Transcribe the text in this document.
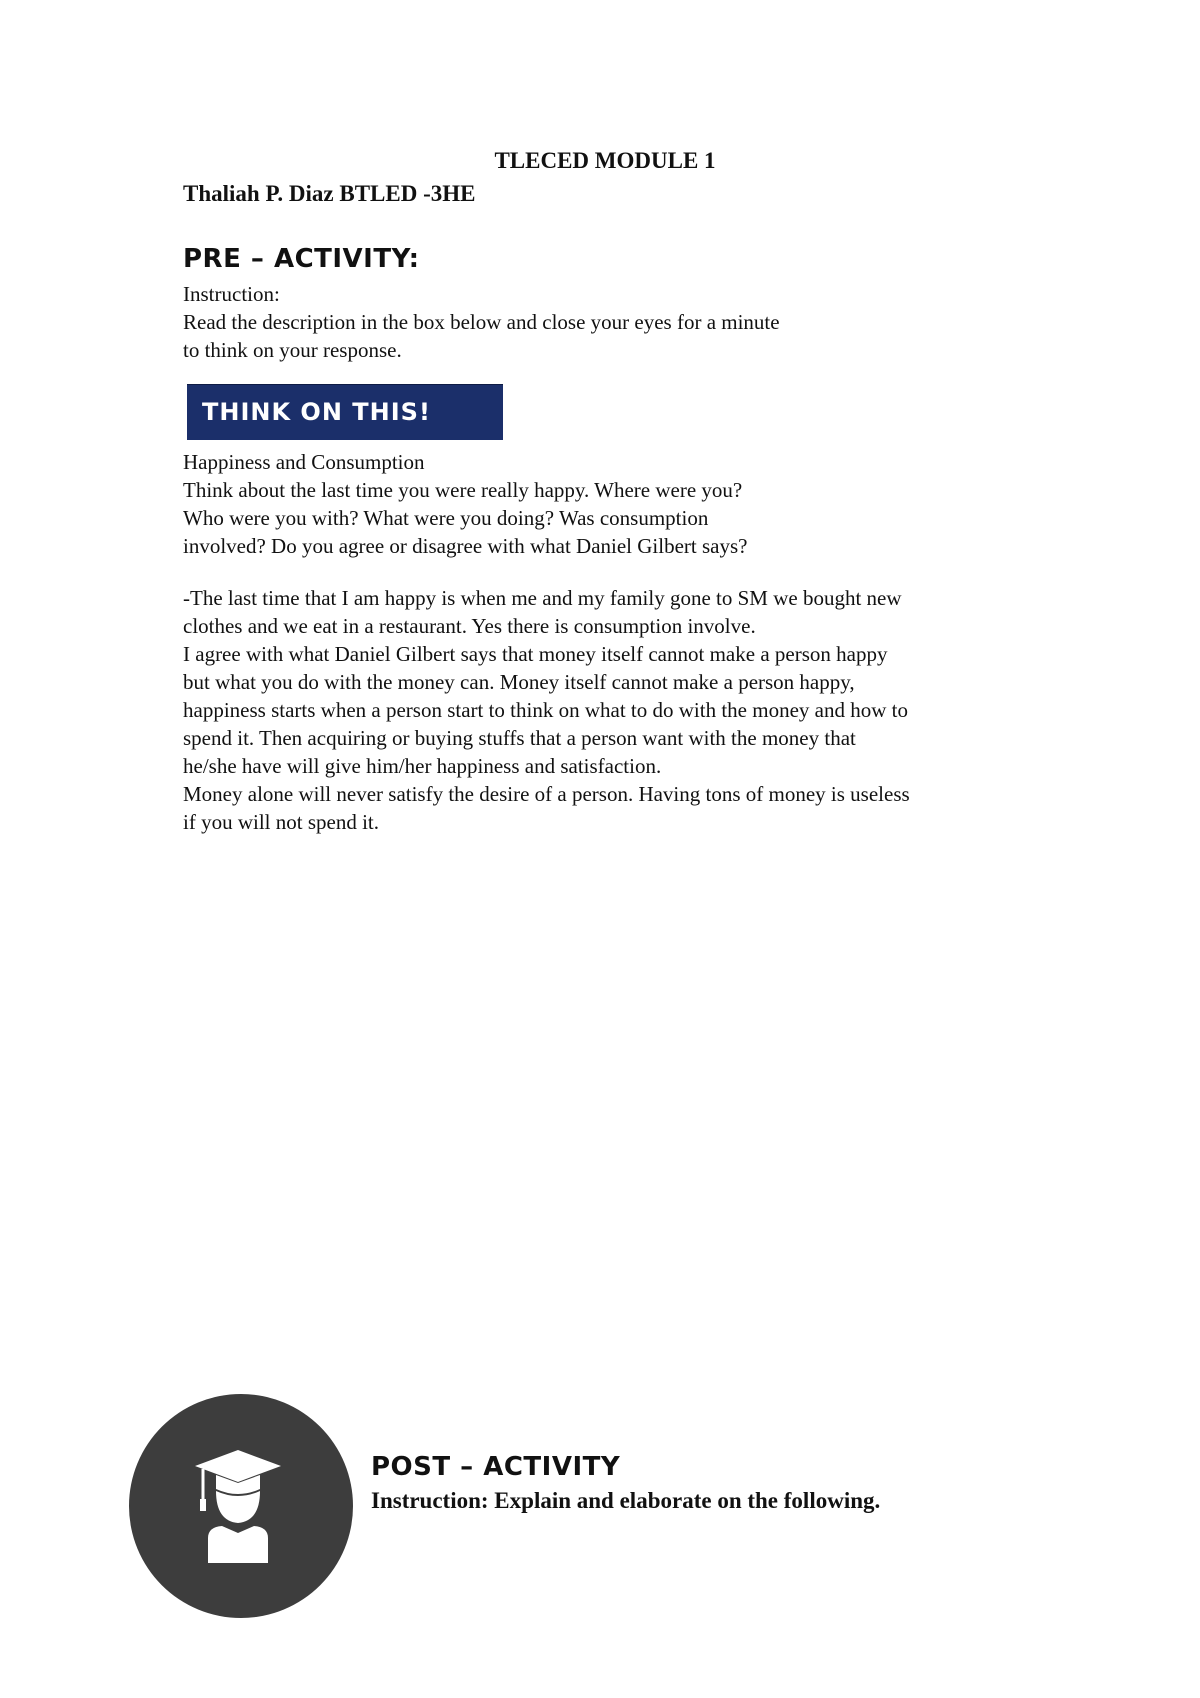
TLECED MODULE 1
Thaliah P. Diaz BTLED -3HE
PRE – ACTIVITY:
Instruction:
Read the description in the box below and close your eyes for a minute
to think on your response.
THINK ON THIS!
Happiness and Consumption
Think about the last time you were really happy. Where were you?
Who were you with? What were you doing? Was consumption
involved? Do you agree or disagree with what Daniel Gilbert says?
-The last time that I am happy is when me and my family gone to SM we bought new
clothes and we eat in a restaurant. Yes there is consumption involve.
I agree with what Daniel Gilbert says that money itself cannot make a person happy
but what you do with the money can. Money itself cannot make a person happy,
happiness starts when a person start to think on what to do with the money and how to
spend it. Then acquiring or buying stuffs that a person want with the money that
he/she have will give him/her happiness and satisfaction.
Money alone will never satisfy the desire of a person. Having tons of money is useless
if you will not spend it.
POST – ACTIVITY
Instruction: Explain and elaborate on the following.
